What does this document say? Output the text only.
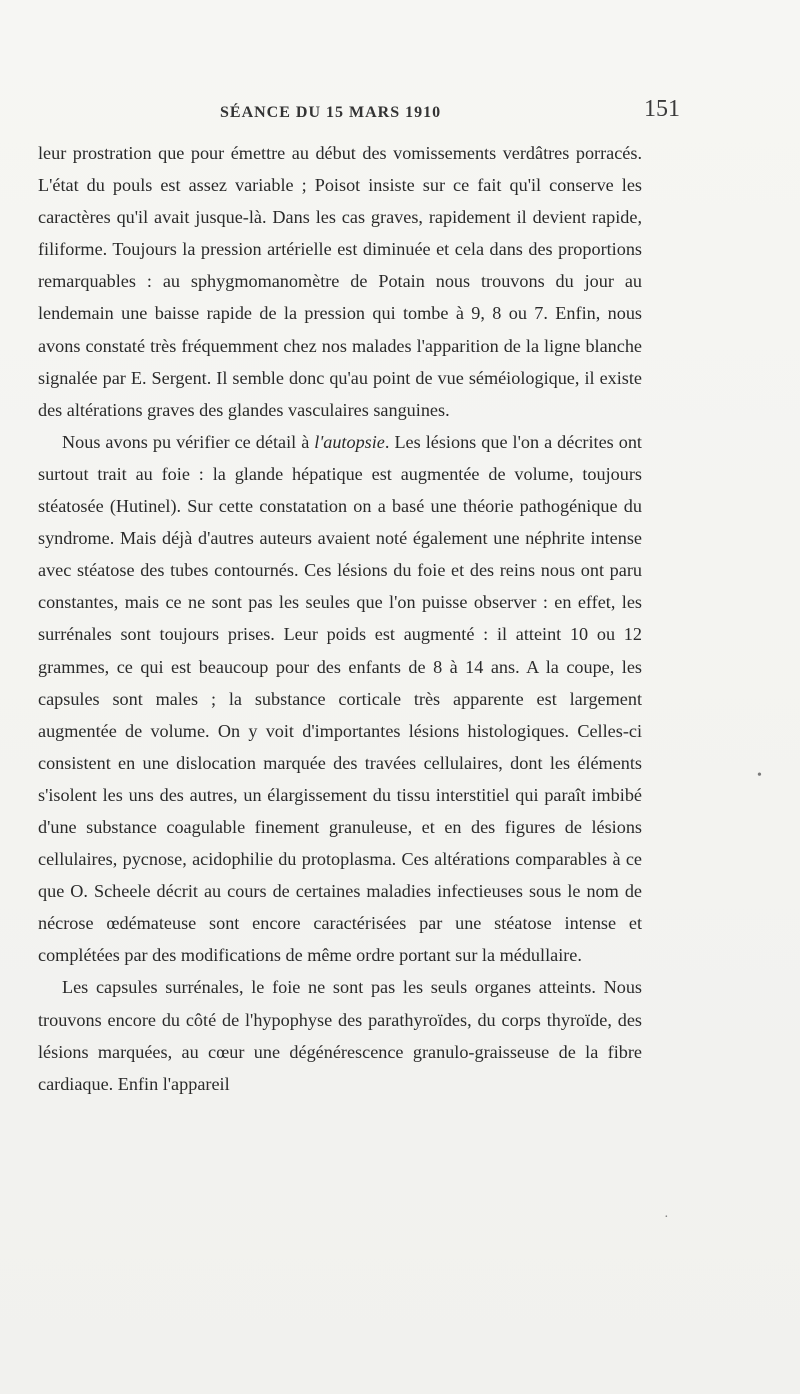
SÉANCE DU 15 MARS 1910	151

leur prostration que pour émettre au début des vomissements verdâtres porracés. L'état du pouls est assez variable ; Poisot insiste sur ce fait qu'il conserve les caractères qu'il avait jusque-là. Dans les cas graves, rapidement il devient rapide, filiforme. Toujours la pression artérielle est diminuée et cela dans des proportions remarquables : au sphygmomanomètre de Potain nous trouvons du jour au lendemain une baisse rapide de la pression qui tombe à 9, 8 ou 7. Enfin, nous avons constaté très fréquemment chez nos malades l'apparition de la ligne blanche signalée par E. Sergent. Il semble donc qu'au point de vue séméiologique, il existe des altérations graves des glandes vasculaires sanguines.

Nous avons pu vérifier ce détail à l'autopsie. Les lésions que l'on a décrites ont surtout trait au foie : la glande hépatique est augmentée de volume, toujours stéatosée (Hutinel). Sur cette constatation on a basé une théorie pathogénique du syndrome. Mais déjà d'autres auteurs avaient noté également une néphrite intense avec stéatose des tubes contournés. Ces lésions du foie et des reins nous ont paru constantes, mais ce ne sont pas les seules que l'on puisse observer : en effet, les surrénales sont toujours prises. Leur poids est augmenté : il atteint 10 ou 12 grammes, ce qui est beaucoup pour des enfants de 8 à 14 ans. A la coupe, les capsules sont males ; la substance corticale très apparente est largement augmentée de volume. On y voit d'importantes lésions histologiques. Celles-ci consistent en une dislocation marquée des travées cellulaires, dont les éléments s'isolent les uns des autres, un élargissement du tissu interstitiel qui paraît imbibé d'une substance coagulable finement granuleuse, et en des figures de lésions cellulaires, pycnose, acidophilie du protoplasma. Ces altérations comparables à ce que O. Scheele décrit au cours de certaines maladies infectieuses sous le nom de nécrose œdémateuse sont encore caractérisées par une stéatose intense et complétées par des modifications de même ordre portant sur la médullaire.

Les capsules surrénales, le foie ne sont pas les seuls organes atteints. Nous trouvons encore du côté de l'hypophyse des parathyroïdes, du corps thyroïde, des lésions marquées, au cœur une dégénérescence granulo-graisseuse de la fibre cardiaque. Enfin l'appareil

•
·
